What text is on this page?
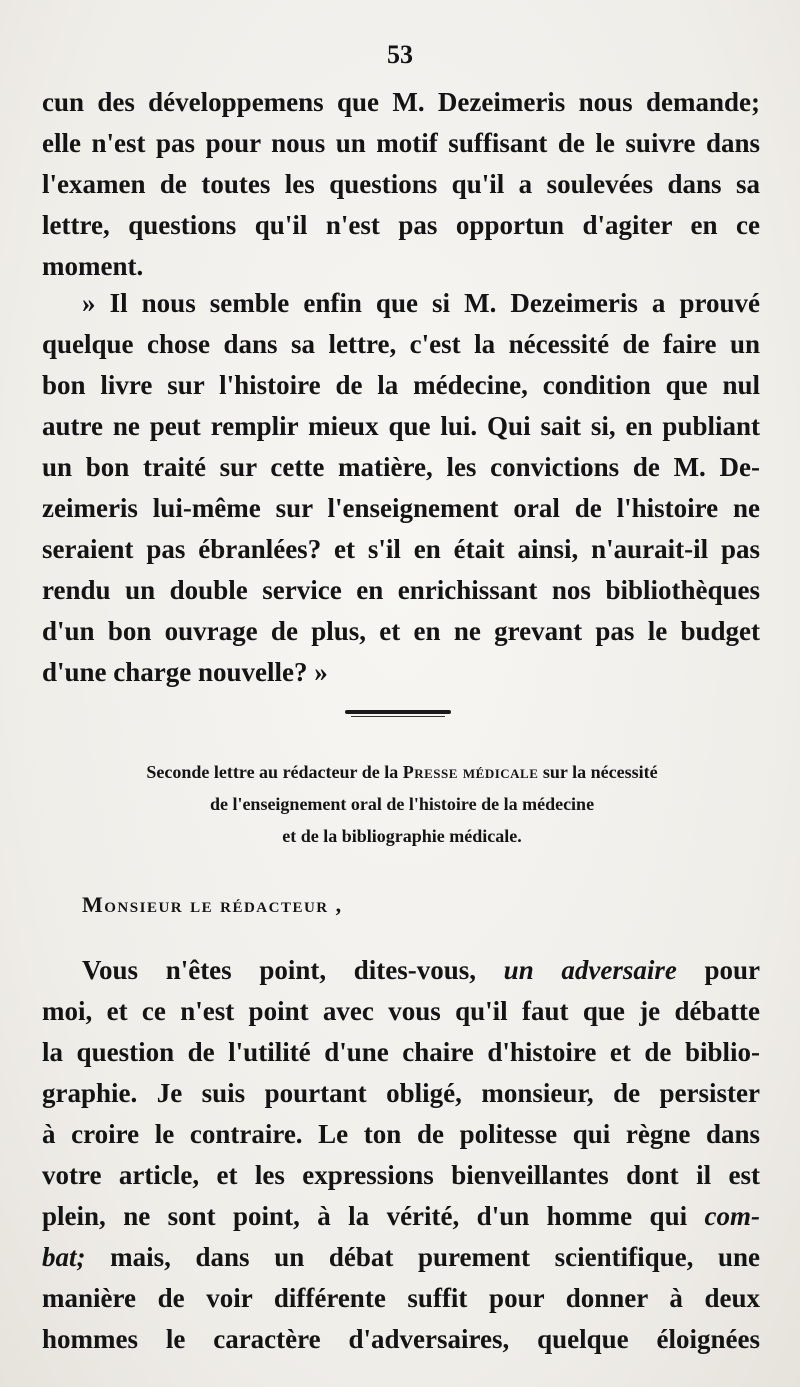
53
cun des développemens que M. Dezeimeris nous demande;
elle n'est pas pour nous un motif suffisant de le suivre dans
l'examen de toutes les questions qu'il a soulevées dans sa
lettre, questions qu'il n'est pas opportun d'agiter en ce
moment.
» Il nous semble enfin que si M. Dezeimeris a prouvé
quelque chose dans sa lettre, c'est la nécessité de faire un
bon livre sur l'histoire de la médecine, condition que nul
autre ne peut remplir mieux que lui. Qui sait si, en publiant
un bon traité sur cette matière, les convictions de M. De-
zeimeris lui-même sur l'enseignement oral de l'histoire ne
seraient pas ébranlées? et s'il en était ainsi, n'aurait-il pas
rendu un double service en enrichissant nos bibliothèques
d'un bon ouvrage de plus, et en ne grevant pas le budget
d'une charge nouvelle? »
Seconde lettre au rédacteur de la Presse médicale sur la nécessité
de l'enseignement oral de l'histoire de la médecine
et de la bibliographie médicale.
Monsieur le rédacteur ,
Vous n'êtes point, dites-vous, un adversaire pour
moi, et ce n'est point avec vous qu'il faut que je débatte
la question de l'utilité d'une chaire d'histoire et de biblio-
graphie. Je suis pourtant obligé, monsieur, de persister
à croire le contraire. Le ton de politesse qui règne dans
votre article, et les expressions bienveillantes dont il est
plein, ne sont point, à la vérité, d'un homme qui com-
bat; mais, dans un débat purement scientifique, une
manière de voir différente suffit pour donner à deux
hommes le caractère d'adversaires, quelque éloignées
